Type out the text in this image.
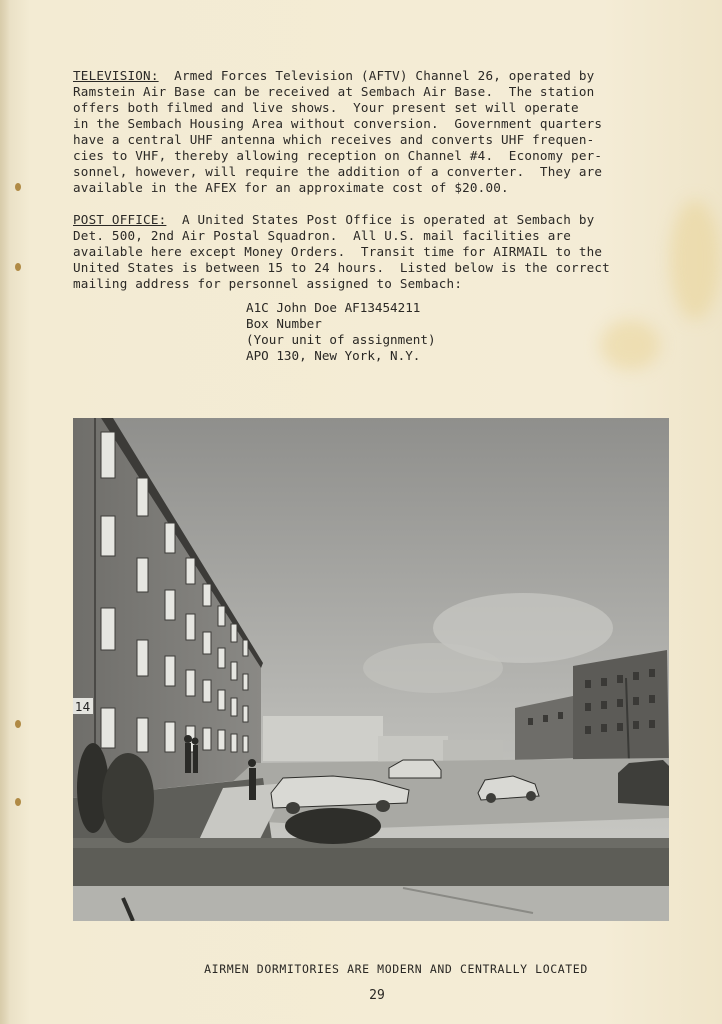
TELEVISION:  Armed Forces Television (AFTV) Channel 26, operated by
Ramstein Air Base can be received at Sembach Air Base.  The station
offers both filmed and live shows.  Your present set will operate
in the Sembach Housing Area without conversion.  Government quarters
have a central UHF antenna which receives and converts UHF frequen-
cies to VHF, thereby allowing reception on Channel #4.  Economy per-
sonnel, however, will require the addition of a converter.  They are
available in the AFEX for an approximate cost of $20.00.
POST OFFICE:  A United States Post Office is operated at Sembach by
Det. 500, 2nd Air Postal Squadron.  All U.S. mail facilities are
available here except Money Orders.  Transit time for AIRMAIL to the
United States is between 15 to 24 hours.  Listed below is the correct
mailing address for personnel assigned to Sembach:
A1C John Doe AF13454211
Box Number
(Your unit of assignment)
APO 130, New York, N.Y.
14
AIRMEN DORMITORIES ARE MODERN AND CENTRALLY LOCATED
29
